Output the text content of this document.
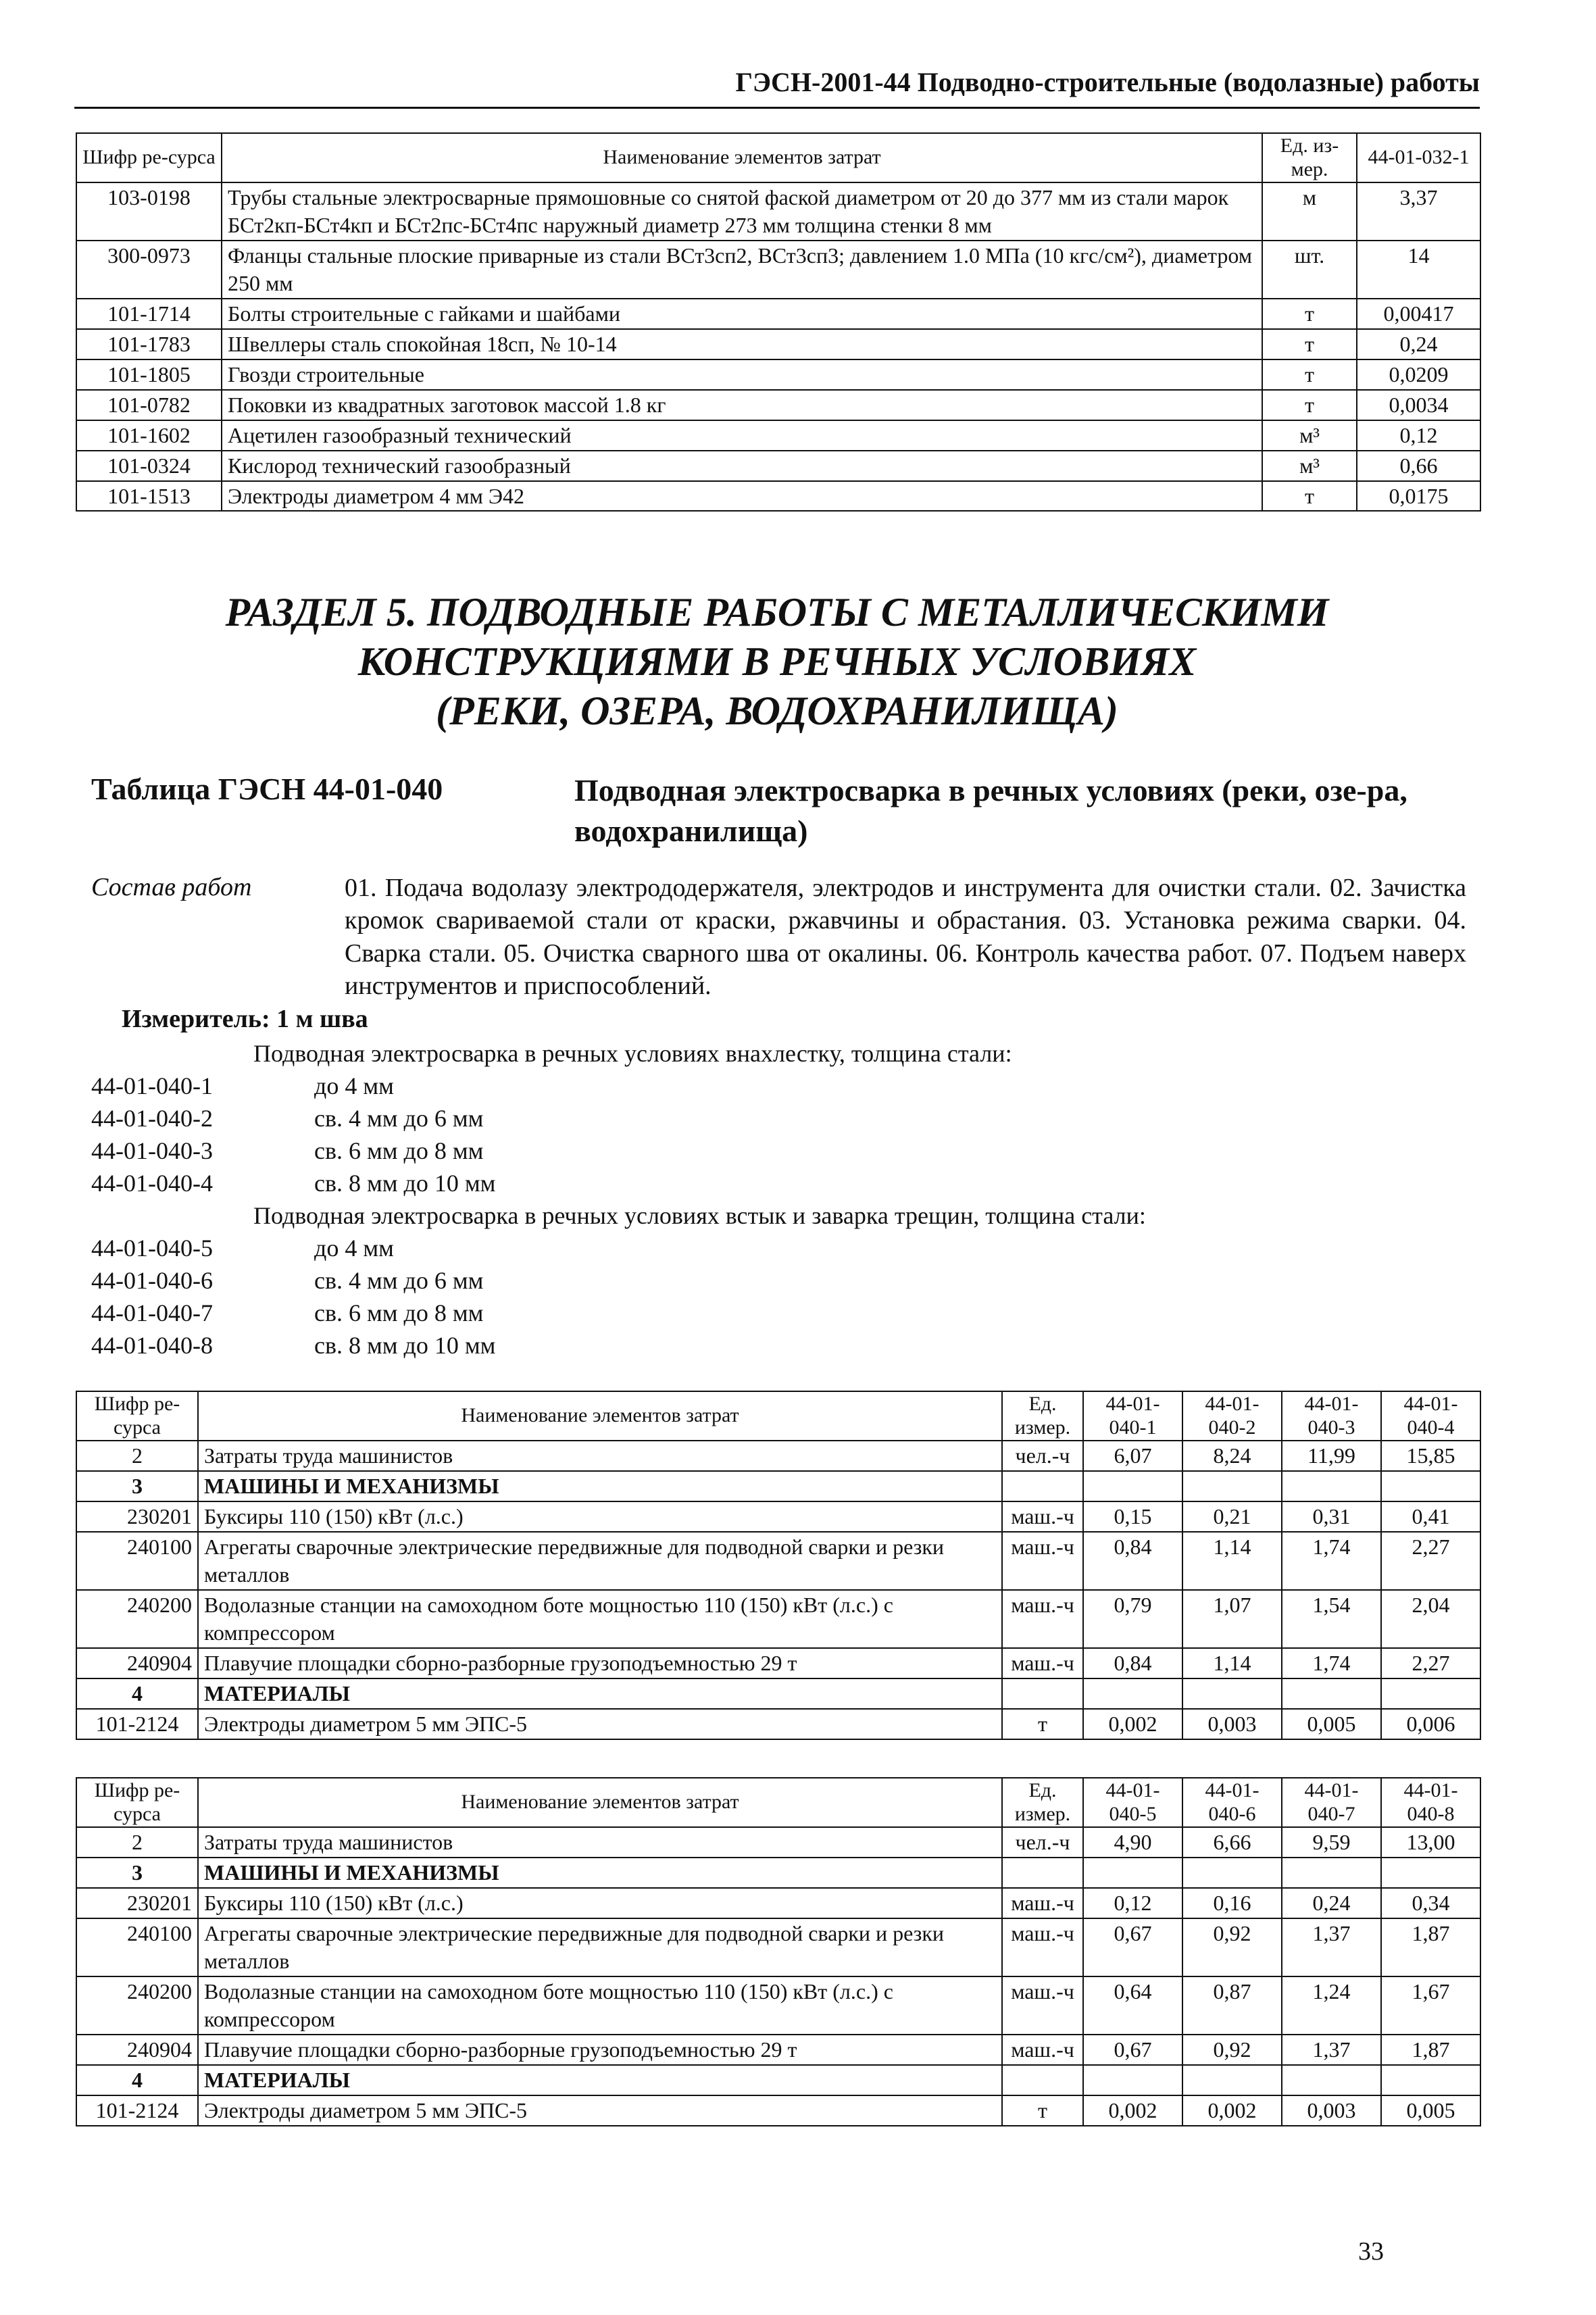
ГЭСН-2001-44 Подводно-строительные (водолазные) работы
Шифр ре-сурса	Наименование элементов затрат	Ед. из-мер.	44-01-032-1
103-0198	Трубы стальные электросварные прямошовные со снятой фаской диаметром от 20 до 377 мм из стали марок БСт2кп-БСт4кп и БСт2пс-БСт4пс наружный диаметр 273 мм толщина стенки 8 мм	м	3,37
300-0973	Фланцы стальные плоские приварные из стали ВСт3сп2, ВСт3сп3; давлением 1.0 МПа (10 кгс/см²), диаметром 250 мм	шт.	14
101-1714	Болты строительные с гайками и шайбами	т	0,00417
101-1783	Швеллеры сталь спокойная 18сп, № 10-14	т	0,24
101-1805	Гвозди строительные	т	0,0209
101-0782	Поковки из квадратных заготовок массой 1.8 кг	т	0,0034
101-1602	Ацетилен газообразный технический	м³	0,12
101-0324	Кислород технический газообразный	м³	0,66
101-1513	Электроды диаметром 4 мм Э42	т	0,0175
РАЗДЕЛ 5. ПОДВОДНЫЕ РАБОТЫ С МЕТАЛЛИЧЕСКИМИ
КОНСТРУКЦИЯМИ В РЕЧНЫХ УСЛОВИЯХ
(РЕКИ, ОЗЕРА, ВОДОХРАНИЛИЩА)
Таблица ГЭСН 44-01-040	Подводная электросварка в речных условиях (реки, озе-ра, водохранилища)
Состав работ	01. Подача водолазу электрододержателя, электродов и инструмента для очистки стали. 02. Зачистка кромок свариваемой стали от краски, ржавчины и обрастания. 03. Установка режима сварки. 04. Сварка стали. 05. Очистка сварного шва от окалины. 06. Контроль качества работ. 07. Подъем наверх инструментов и приспособлений.
Измеритель: 1 м шва
Подводная электросварка в речных условиях внахлестку, толщина стали:
44-01-040-1	до 4 мм
44-01-040-2	св. 4 мм до 6 мм
44-01-040-3	св. 6 мм до 8 мм
44-01-040-4	св. 8 мм до 10 мм
Подводная электросварка в речных условиях встык и заварка трещин, толщина стали:
44-01-040-5	до 4 мм
44-01-040-6	св. 4 мм до 6 мм
44-01-040-7	св. 6 мм до 8 мм
44-01-040-8	св. 8 мм до 10 мм
Шифр ре-сурса	Наименование элементов затрат	Ед. измер.	44-01-040-1	44-01-040-2	44-01-040-3	44-01-040-4
2	Затраты труда машинистов	чел.-ч	6,07	8,24	11,99	15,85
3	МАШИНЫ И МЕХАНИЗМЫ					
230201	Буксиры 110 (150) кВт (л.с.)	маш.-ч	0,15	0,21	0,31	0,41
240100	Агрегаты сварочные электрические передвижные для подводной сварки и резки металлов	маш.-ч	0,84	1,14	1,74	2,27
240200	Водолазные станции на самоходном боте мощностью 110 (150) кВт (л.с.) с компрессором	маш.-ч	0,79	1,07	1,54	2,04
240904	Плавучие площадки сборно-разборные грузоподъемностью 29 т	маш.-ч	0,84	1,14	1,74	2,27
4	МАТЕРИАЛЫ					
101-2124	Электроды диаметром 5 мм ЭПС-5	т	0,002	0,003	0,005	0,006
Шифр ре-сурса	Наименование элементов затрат	Ед. измер.	44-01-040-5	44-01-040-6	44-01-040-7	44-01-040-8
2	Затраты труда машинистов	чел.-ч	4,90	6,66	9,59	13,00
3	МАШИНЫ И МЕХАНИЗМЫ					
230201	Буксиры 110 (150) кВт (л.с.)	маш.-ч	0,12	0,16	0,24	0,34
240100	Агрегаты сварочные электрические передвижные для подводной сварки и резки металлов	маш.-ч	0,67	0,92	1,37	1,87
240200	Водолазные станции на самоходном боте мощностью 110 (150) кВт (л.с.) с компрессором	маш.-ч	0,64	0,87	1,24	1,67
240904	Плавучие площадки сборно-разборные грузоподъемностью 29 т	маш.-ч	0,67	0,92	1,37	1,87
4	МАТЕРИАЛЫ					
101-2124	Электроды диаметром 5 мм ЭПС-5	т	0,002	0,002	0,003	0,005
33
